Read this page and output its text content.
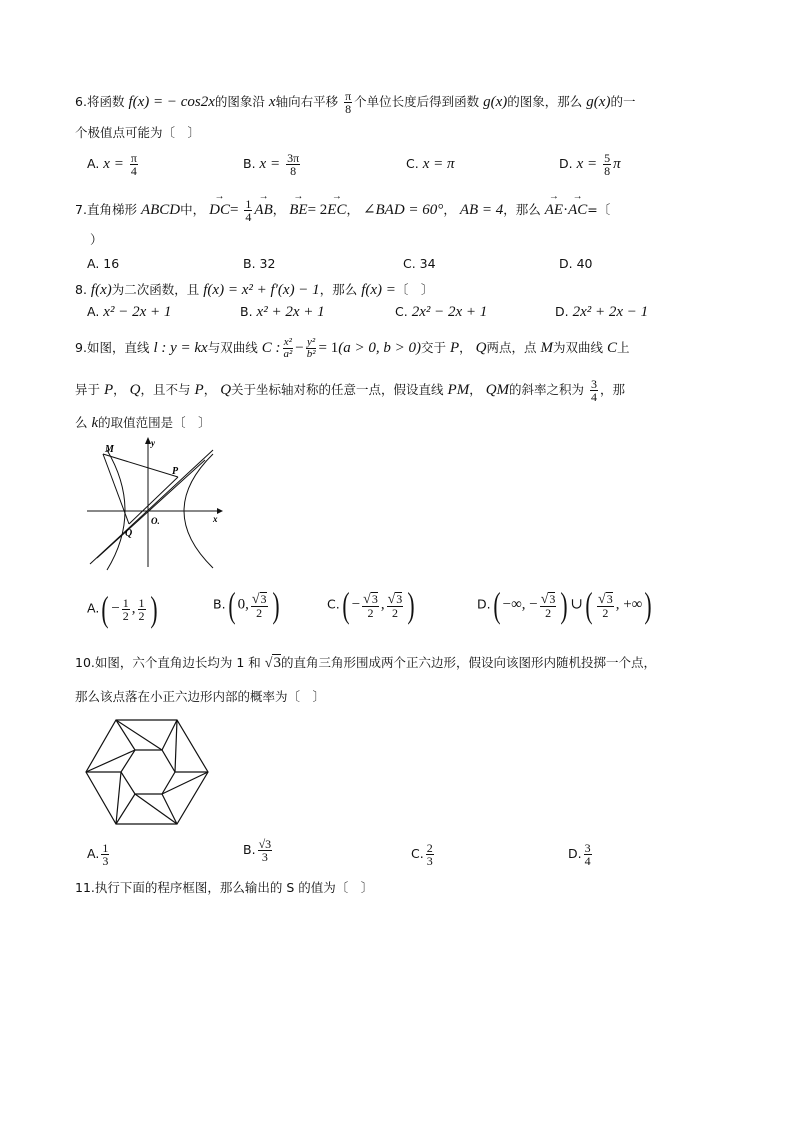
6.将函数 f(x) = − cos2x的图象沿 x轴向右平移 $\frac{\pi}{8}$ 个单位长度后得到函数 g(x)的图象，那么 g(x)的一
个极值点可能为〔　〕
A. $x = \frac{\pi}{4}$	B. $x = \frac{3\pi}{8}$	C. x = π	D. $x = \frac{5}{8}$ π
7.直角梯形 ABCD中， → $DC= \frac{1}{4}$ → AB， → BE= 2→ EC， ∠BAD = 60°， AB = 4，那么 → AE·→ AC=〔
）
A. 16	B. 32	C. 34	D. 40
8. f(x)为二次函数，且 f(x) = x² + f′(x) − 1，那么 f(x) =〔　〕
A. x² − 2x + 1	B. x² + 2x + 1	C. 2x² − 2x + 1	D. 2x² + 2x − 1
9.如图，直线 l : y = kx与双曲线 C : $\frac{\text{x²}}{\text{a²}} - \frac{\text{y²}}{\text{b²}} = 1(a > 0$, b > 0)交于 P， Q两点，点 M为双曲线 C上
异于 P， Q，且不与 P， Q关于坐标轴对称的任意一点，假设直线 PM， QM的斜率之积为 $\frac{3}{4}$ ，那
么 k的取值范围是〔　〕
M
P
Q
O.
y
x
$A.( - \frac{1}{2}$ , $\frac{1}{2}$ )	B.( 0, $\frac{√3}{2}$ )	$C.( - \frac{√3}{2}$ , $\frac{√3}{2}$ )	D.( −∞, − $\frac{√3}{2}$ ) ∪( $\frac{√3}{2}$ , +∞)
10.如图，六个直角边长均为 1 和 √3的直角三角形围成两个正六边形，假设向该图形内随机投掷一个点，
那么该点落在小正六边形内部的概率为〔　〕
A. $\frac{1}{3}$	B. $\frac{√3}{3}$	C. $\frac{2}{3}$	D. $\frac{3}{4}$
11.执行下面的程序框图，那么输出的 S 的值为〔　〕
